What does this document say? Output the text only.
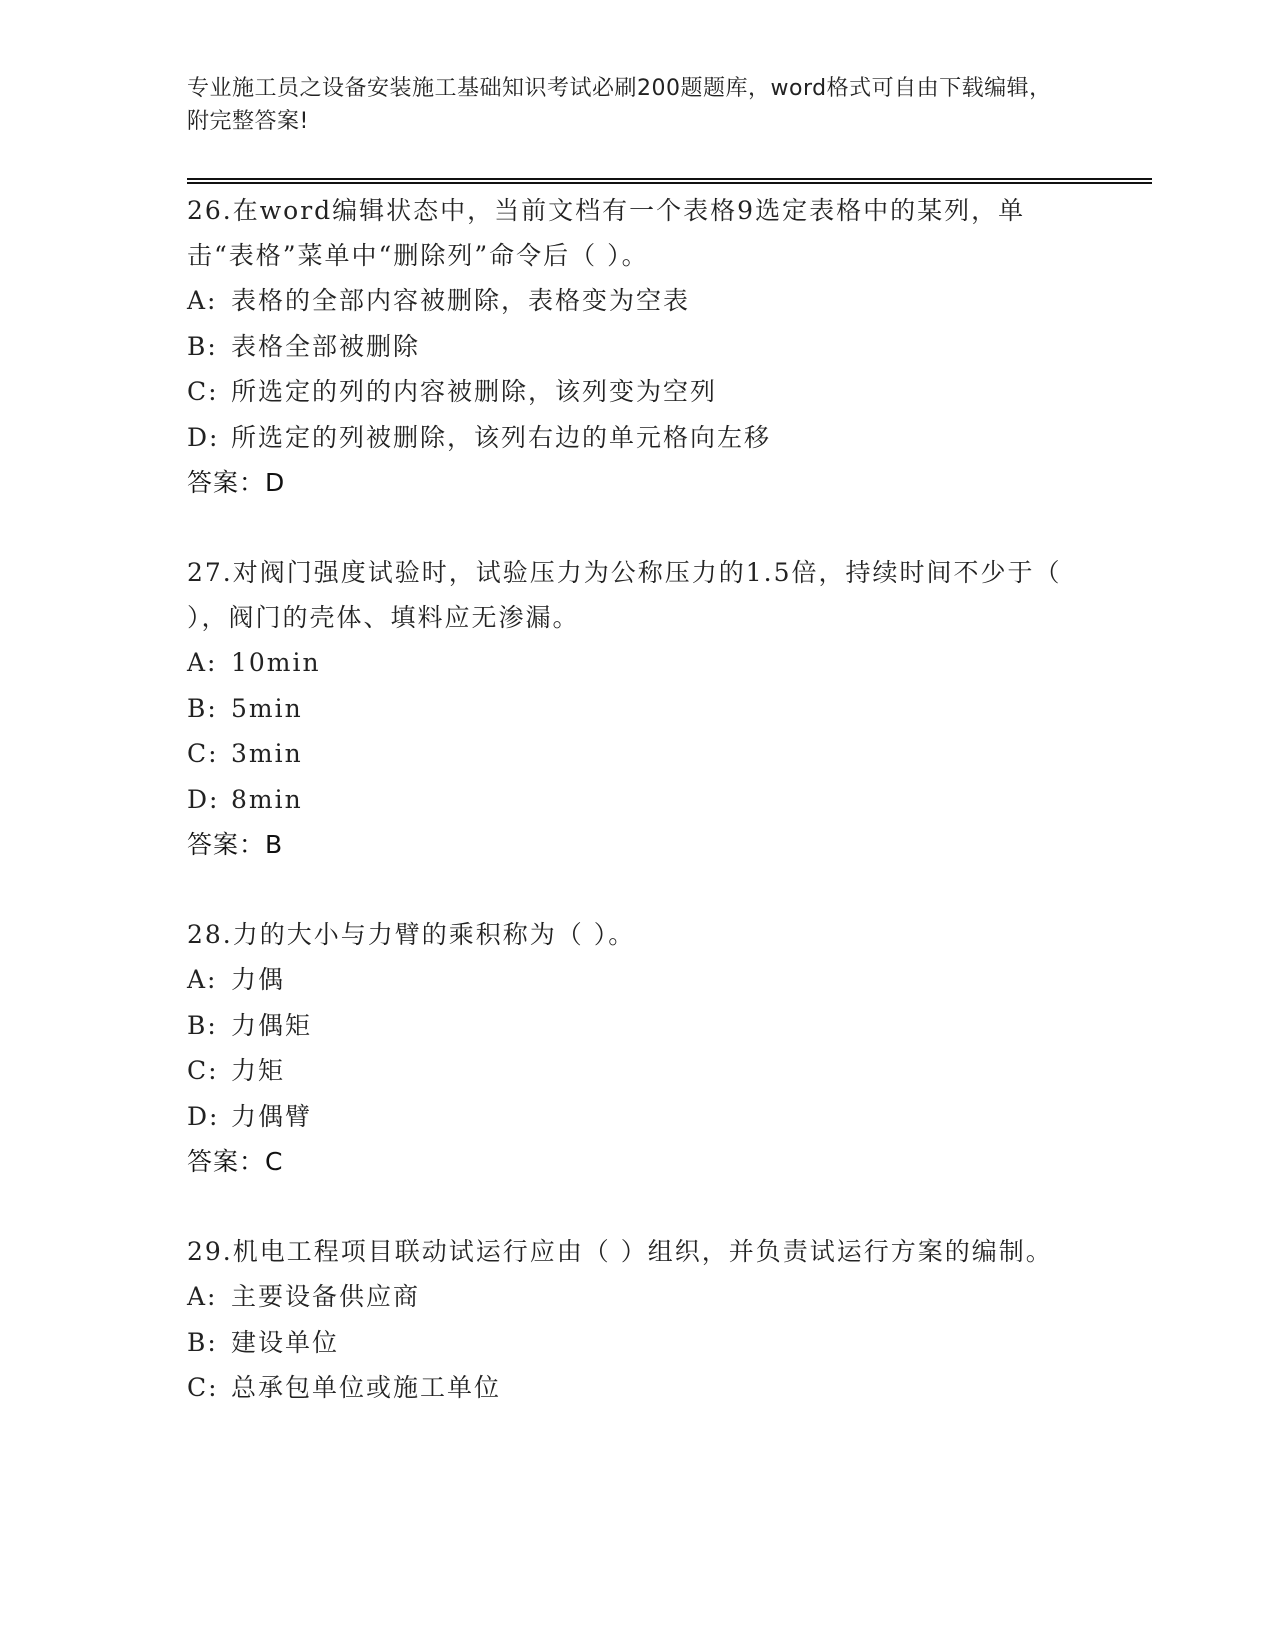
专业施工员之设备安装施工基础知识考试必刷200题题库，word格式可自由下载编辑，附完整答案!
26.在word编辑状态中，当前文档有一个表格9选定表格中的某列，单击“表格”菜单中“删除列”命令后（ ）。
A: 表格的全部内容被删除，表格变为空表
B: 表格全部被删除
C: 所选定的列的内容被删除，该列变为空列
D: 所选定的列被删除，该列右边的单元格向左移
答案：D
27.对阀门强度试验时，试验压力为公称压力的1.5倍，持续时间不少于（ ），阀门的壳体、填料应无渗漏。
A: 10min
B: 5min
C: 3min
D: 8min
答案：B
28.力的大小与力臂的乘积称为（ ）。
A: 力偶
B: 力偶矩
C: 力矩
D: 力偶臂
答案：C
29.机电工程项目联动试运行应由（ ）组织，并负责试运行方案的编制。
A: 主要设备供应商
B: 建设单位
C: 总承包单位或施工单位
